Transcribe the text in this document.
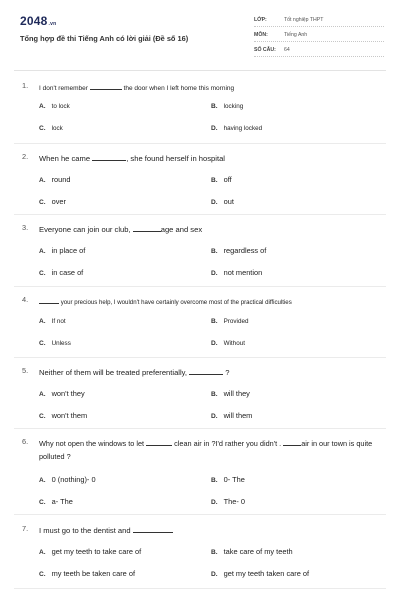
2048.vn
Tổng hợp đề thi Tiếng Anh có lời giải (Đề số 16)
LỚP:	Tốt nghiệp THPT
MÔN:	Tiếng Anh
SỐ CÂU: 64
1. I don't remember	the door when I left home this morning
A. to lock	B. locking
C. lock	D. having locked
2. When he came	, she found herself in hospital
A. round	B. off
C. over	D. out
3. Everyone can join our club,	age and sex
A. in place of	B. regardless of
C. in case of	D. not mention
4.	your precious help, I wouldn't have certainly overcome most of the practical difficulties
A. If not	B. Provided
C. Unless	D. Without
5. Neither of them will be treated preferentially,	?
A. won't they	B. will they
C. won't them	D. will them
6. Why not open the windows to let	clean air in ?I'd rather you didn't .	air in our town is quite polluted ?
A. 0 (nothing)- 0	B. 0- The
C. a- The	D. The- 0
7. I must go to the dentist and
A. get my teeth to take care of	B. take care of my teeth
C. my teeth be taken care of	D. get my teeth taken care of
